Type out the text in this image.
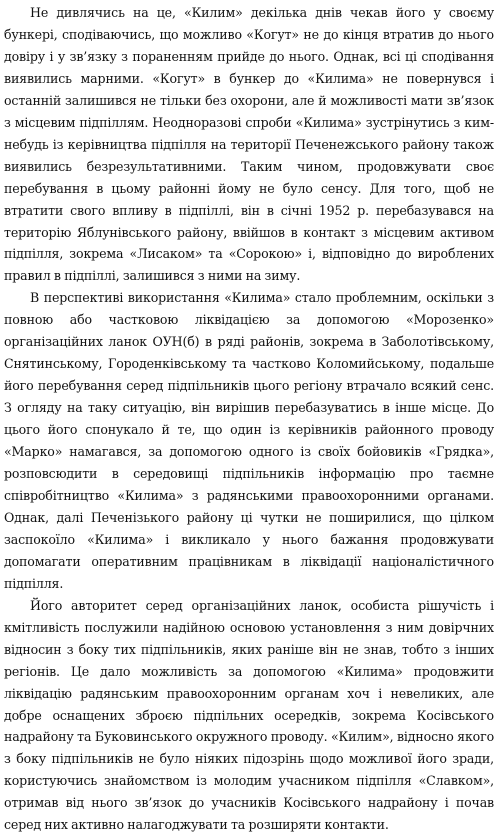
Не дивлячись на це, «Килим» декілька днів чекав його у своєму бункері, сподіваючись, що можливо «Когут» не до кінця втратив до нього довіру і у зв’язку з пораненням прийде до нього. Однак, всі ці сподівання виявились марними. «Когут» в бункер до «Килима» не повернувся і останній залишився не тільки без охорони, але й можливості мати зв’язок з місцевим підпіллям. Неодноразові спроби «Килима» зустрінутись з ким-небудь із керівництва підпілля на території Печенежського району також виявились безрезультативними. Таким чином, продовжувати своє перебування в цьому районні йому не було сенсу. Для того, щоб не втратити свого впливу в підпіллі, він в січні 1952 р. перебазувався на територію Яблунівського району, ввійшов в контакт з місцевим активом підпілля, зокрема «Лисаком» та «Сорокою» і, відповідно до вироблених правил в підпіллі, залишився з ними на зиму.

В перспективі використання «Килима» стало проблемним, оскільки з повною або частковою ліквідацією за допомогою «Морозенко» організаційних ланок ОУН(б) в ряді районів, зокрема в Заболотівському, Снятинському, Городенківському та частково Коломийському, подальше його перебування серед підпільників цього регіону втрачало всякий сенс. З огляду на таку ситуацію, він вирішив перебазуватись в інше місце. До цього його спонукало й те, що один із керівників районного проводу «Марко» намагався, за допомогою одного із своїх бойовиків «Грядка», розповсюдити в середовищі підпільників інформацію про таємне співробітництво «Килима» з радянськими правоохоронними органами. Однак, далі Печенізького району ці чутки не поширилися, що цілком заспокоїло «Килима» і викликало у нього бажання продовжувати допомагати оперативним працівникам в ліквідації націоналістичного підпілля.

Його авторитет серед організаційних ланок, особиста рішучість і кмітливість послужили надійною основою установлення з ним довірчних відносин з боку тих підпільників, яких раніше він не знав, тобто з інших регіонів. Це дало можливість за допомогою «Килима» продовжити ліквідацію радянським правоохоронним органам хоч і невеликих, але добре оснащених зброєю підпільних осередків, зокрема Косівського надрайону та Буковинського окружного проводу. «Килим», відносно якого з боку підпільників не було ніяких підозрінь щодо можливої його зради, користуючись знайомством із молодим учасником підпілля «Славком», отримав від нього зв’язок до учасників Косівського надрайону і почав серед них активно налагоджувати та розширяти контакти.
